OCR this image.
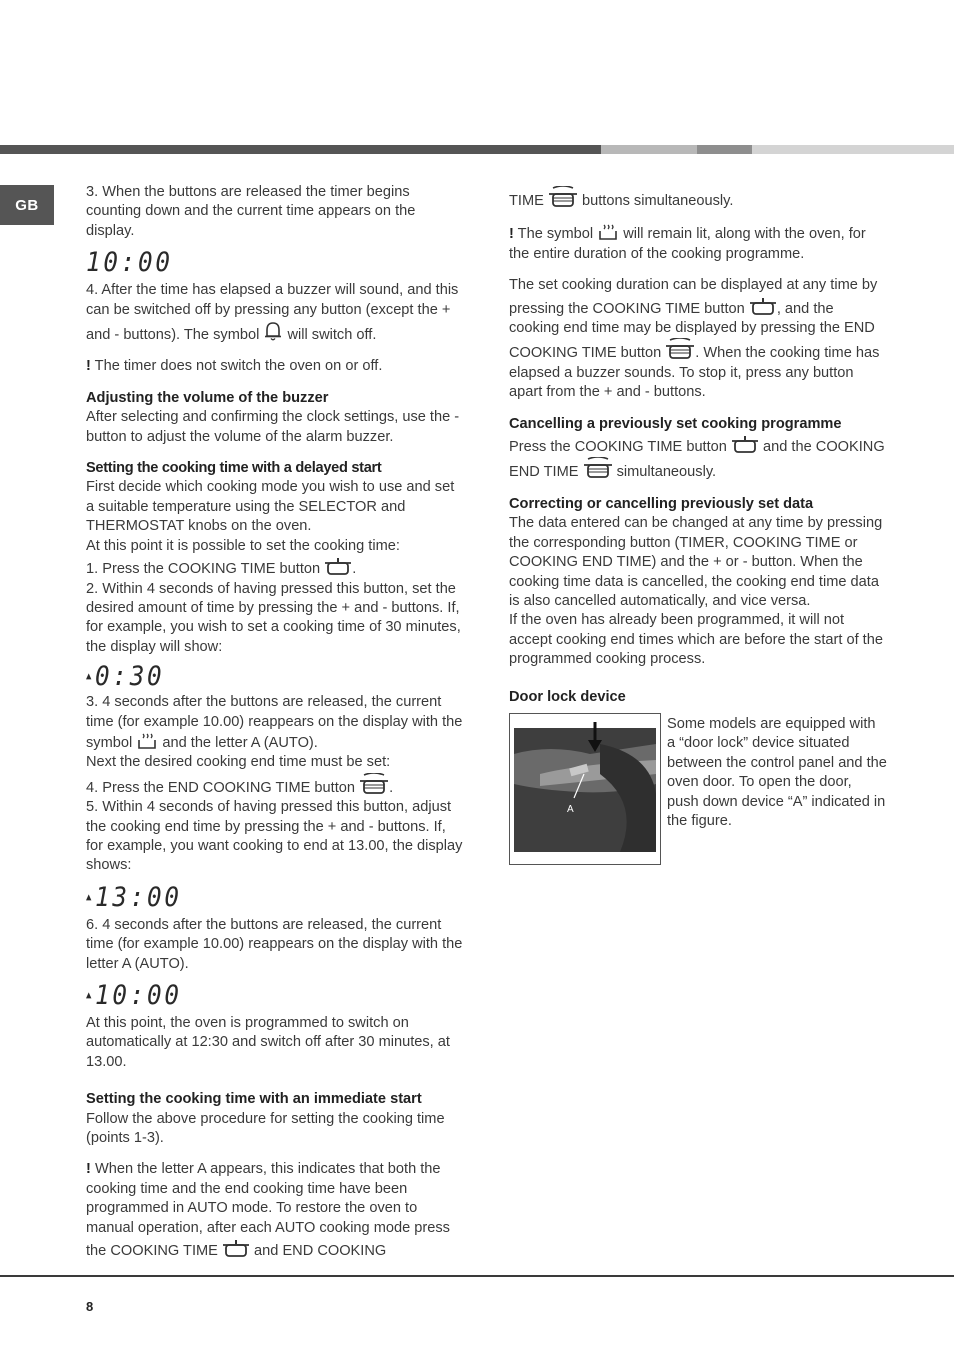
GB

3. When the buttons are released the timer begins counting down and the current time appears on the display.

10:00

4. After the time has elapsed a buzzer will sound, and this can be switched off by pressing any button (except the + and - buttons). The symbol will switch off.

! The timer does not switch the oven on or off.

Adjusting the volume of the buzzer

After selecting and confirming the clock settings, use the - button to adjust the volume of the alarm buzzer.

Setting the cooking time with a delayed start

First decide which cooking mode you wish to use and set a suitable temperature using the SELECTOR and THERMOSTAT knobs on the oven.

At this point it is possible to set the cooking time:

1. Press the COOKING TIME button .

2. Within 4 seconds of having pressed this button, set the desired amount of time by pressing the + and - buttons. If, for example, you wish to set a cooking time of 30 minutes, the display will show:

▲ 0:30

3. 4 seconds after the buttons are released, the current time (for example 10.00) reappears on the display with the symbol and the letter A (AUTO).

Next the desired cooking end time must be set:

4. Press the END COOKING TIME button .

5. Within 4 seconds of having pressed this button, adjust the cooking end time by pressing the + and - buttons. If, for example, you want cooking to end at 13.00, the display shows:

▲ 13:00

6. 4 seconds after the buttons are released, the current time (for example 10.00) reappears on the display with the letter A (AUTO).

▲ 10:00

At this point, the oven is programmed to switch on automatically at 12:30 and switch off after 30 minutes, at 13.00.

Setting the cooking time with an immediate start

Follow the above procedure for setting the cooking time (points 1-3).

! When the letter A appears, this indicates that both the cooking time and the end cooking time have been programmed in AUTO mode. To restore the oven to manual operation, after each AUTO cooking mode press the COOKING TIME and END COOKING

TIME	buttons simultaneously.

! The symbol will remain lit, along with the oven, for the entire duration of the cooking programme.

The set cooking duration can be displayed at any time by pressing the COOKING TIME button , and the cooking end time may be displayed by pressing the END COOKING TIME button . When the cooking time has elapsed a buzzer sounds. To stop it, press any button apart from the + and - buttons.

Cancelling a previously set cooking programme

Press the COOKING TIME button and the COOKING END TIME	simultaneously.

Correcting or cancelling previously set data

The data entered can be changed at any time by pressing the corresponding button (TIMER, COOKING TIME or COOKING END TIME) and the + or - button. When the cooking time data is cancelled, the cooking end time data is also cancelled automatically, and vice versa.

If the oven has already been programmed, it will not accept cooking end times which are before the start of the programmed cooking process.

Door lock device
A
Some models are equipped with a “door lock” device situated between the control panel and the oven door. To open the door, push down device “A” indicated in the figure.
8
